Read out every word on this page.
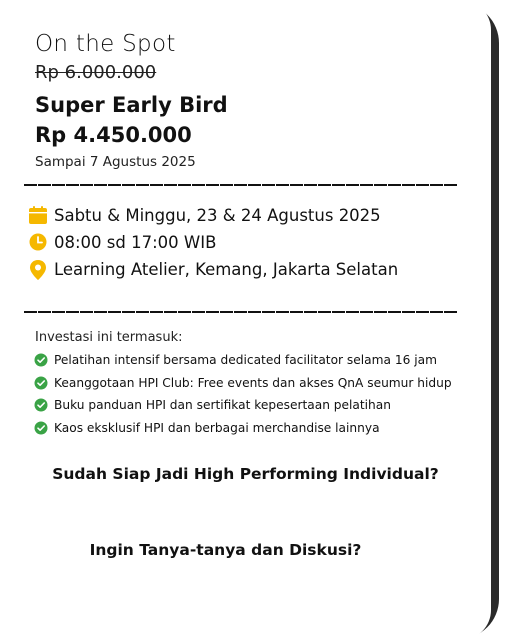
On the Spot
Rp 6.000.000
Super Early Bird
Rp 4.450.000
Sampai 7 Agustus 2025
Sabtu & Minggu, 23 & 24 Agustus 2025
08:00 sd 17:00 WIB
Learning Atelier, Kemang, Jakarta Selatan
Investasi ini termasuk:
Pelatihan intensif bersama dedicated facilitator selama 16 jam
Keanggotaan HPI Club: Free events dan akses QnA seumur hidup
Buku panduan HPI dan sertifikat kepesertaan pelatihan
Kaos eksklusif HPI dan berbagai merchandise lainnya
Sudah Siap Jadi High Performing Individual?
Ingin Tanya-tanya dan Diskusi?
